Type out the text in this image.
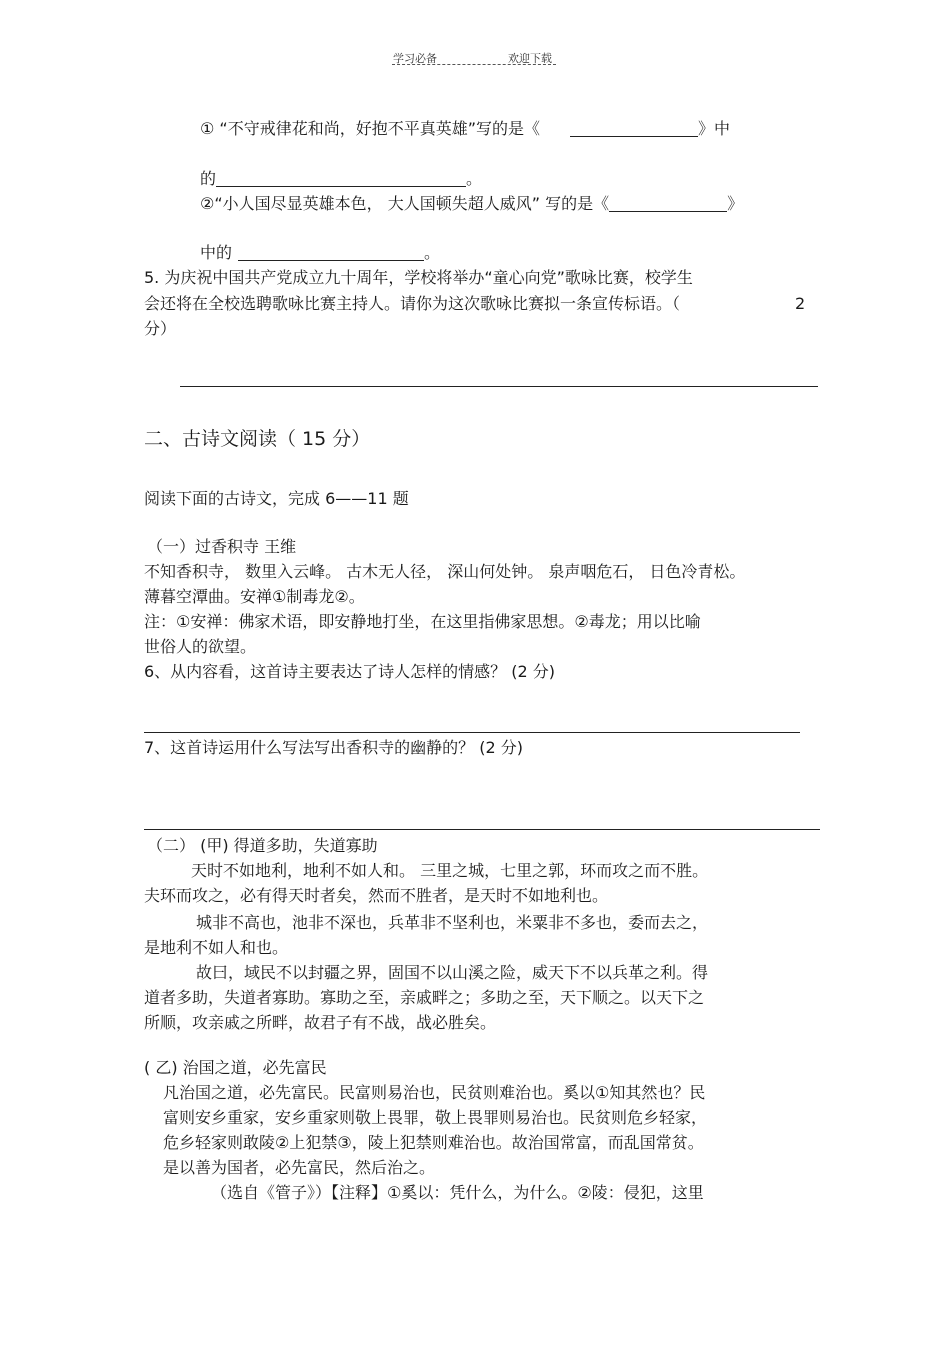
学习必备	欢迎下载
① “不守戒律花和尚，好抱不平真英雄”写的是《	》中
的	。
②“小人国尽显英雄本色， 大人国顿失超人威风” 写的是《	》
中的	。
5. 为庆祝中国共产党成立九十周年，学校将举办“童心向党”歌咏比赛，校学生
会还将在全校选聘歌咏比赛主持人。请你为这次歌咏比赛拟一条宣传标语。（	2
分）
二、古诗文阅读（ 15 分）
阅读下面的古诗文，完成 6——11 题
（一）过香积寺 王维
不知香积寺， 数里入云峰。 古木无人径， 深山何处钟。 泉声咽危石， 日色冷青松。
薄暮空潭曲。安禅①制毒龙②。
注：①安禅：佛家术语，即安静地打坐，在这里指佛家思想。②毒龙；用以比喻
世俗人的欲望。
6、从内容看，这首诗主要表达了诗人怎样的情感？ (2 分)
7、这首诗运用什么写法写出香积寺的幽静的？ (2 分)
（二） (甲) 得道多助，失道寡助
天时不如地利，地利不如人和。 三里之城，七里之郭，环而攻之而不胜。
夫环而攻之，必有得天时者矣，然而不胜者，是天时不如地利也。
城非不高也，池非不深也，兵革非不坚利也，米粟非不多也，委而去之，
是地利不如人和也。
故曰，域民不以封疆之界，固国不以山溪之险，威天下不以兵革之利。得
道者多助，失道者寡助。寡助之至，亲戚畔之；多助之至，天下顺之。以天下之
所顺，攻亲戚之所畔，故君子有不战，战必胜矣。
( 乙) 治国之道，必先富民
凡治国之道，必先富民。民富则易治也，民贫则难治也。奚以①知其然也？民
富则安乡重家，安乡重家则敬上畏罪，敬上畏罪则易治也。民贫则危乡轻家，
危乡轻家则敢陵②上犯禁③，陵上犯禁则难治也。故治国常富，而乱国常贫。
是以善为国者，必先富民，然后治之。
（选自《管子》）【注释】①奚以：凭什么，为什么。②陵：侵犯，这里
